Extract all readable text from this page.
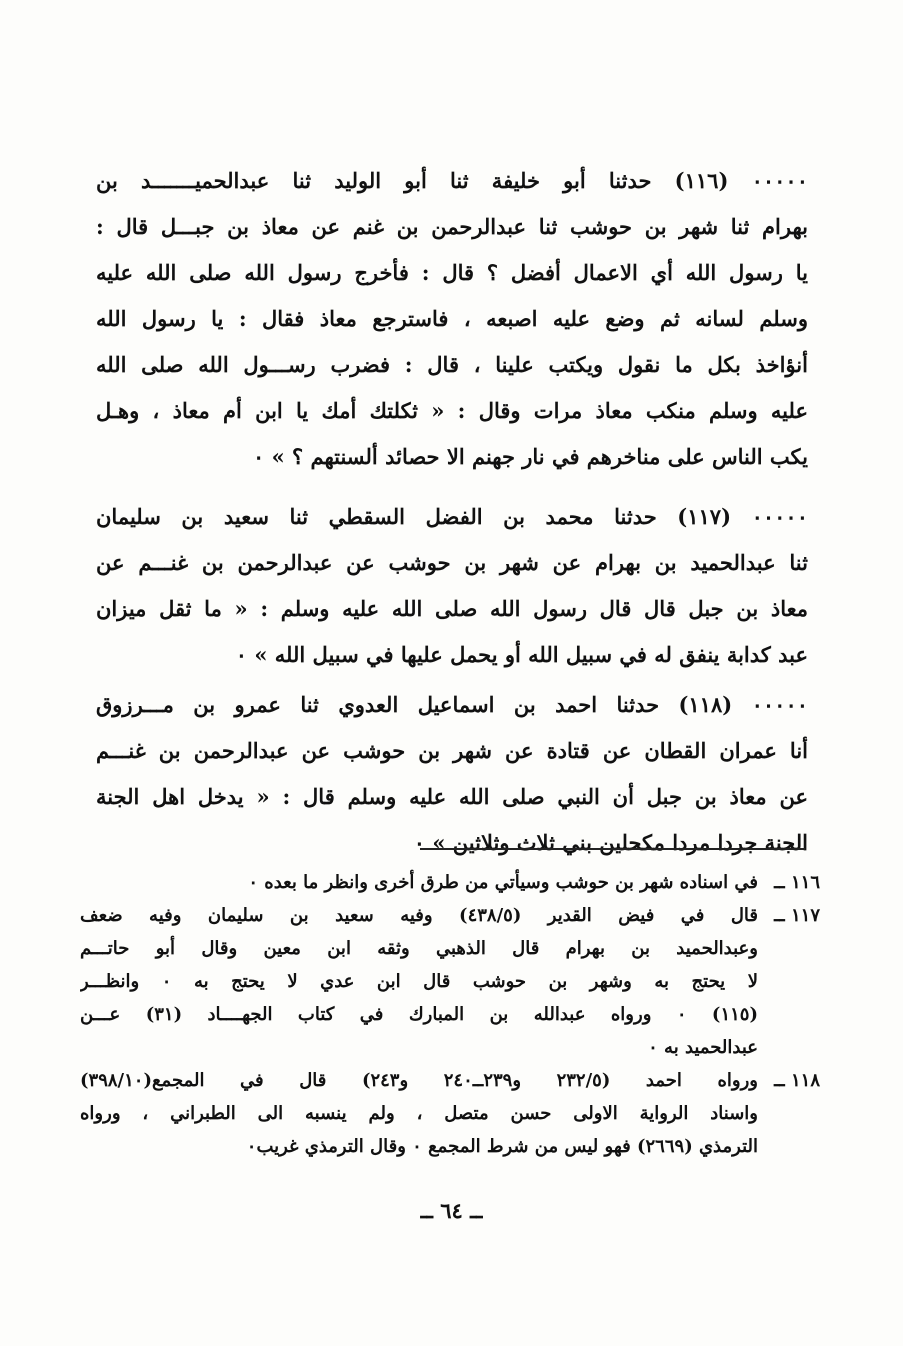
٠٠٠٠٠ (١١٦) حدثنا أبو خليفة ثنا أبو الوليد ثنا عبدالحميـــــــد بن
بهرام ثنا شهر بن حوشب ثنا عبدالرحمن بن غنم عن معاذ بن جبـــل قال :
يا رسول الله أي الاعمال أفضل ؟ قال : فأخرج رسول الله صلى الله عليه
وسلم لسانه ثم وضع عليه اصبعه ، فاسترجع معاذ فقال : يا رسول الله
أنؤاخذ بكل ما نقول ويكتب علينا ، قال : فضرب رســـول الله صلى الله
عليه وسلم منكب معاذ مرات وقال : « ثكلتك أمك يا ابن أم معاذ ، وهـل
يكب الناس على مناخرهم في نار جهنم الا حصائد ألسنتهم ؟ » ٠
٠٠٠٠٠ (١١٧) حدثنا محمد بن الفضل السقطي ثنا سعيد بن سليمان
ثنا عبدالحميد بن بهرام عن شهر بن حوشب عن عبدالرحمن بن غنـــم عن
معاذ بن جبل قال قال رسول الله صلى الله عليه وسلم : « ما ثقل ميزان
عبد كدابة ينفق له في سبيل الله أو يحمل عليها في سبيل الله » ٠
٠٠٠٠٠ (١١٨) حدثنا احمد بن اسماعيل العدوي ثنا عمرو بن مـــرزوق
أنا عمران القطان عن قتادة عن شهر بن حوشب عن عبدالرحمن بن غنـــم
عن معاذ بن جبل أن النبي صلى الله عليه وسلم قال : « يدخل اهل الجنة
الجنة جردا مردا مكحلين بني ثلاث وثلاثين » ٠
١١٦ ــ
في اسناده شهر بن حوشب وسيأتي من طرق أخرى وانظر ما بعده ٠
١١٧ ــ
قال في فيض القدير (٤٣٨/٥) وفيه سعيد بن سليمان وفيه ضعف
وعبدالحميد بن بهرام قال الذهبي وثقه ابن معين وقال أبو حاتـــم
لا يحتج به وشهر بن حوشب قال ابن عدي لا يحتج به ٠ وانظـــر
(١١٥) ٠ ورواه عبدالله بن المبارك في كتاب الجهــــاد (٣١) عـــن
عبدالحميد به ٠
١١٨ ــ
ورواه احمد (٢٣٢/٥ و٢٣٩ــ٢٤٠ و٢٤٣) قال في المجمع(٣٩٨/١٠)
واسناد الرواية الاولى حسن متصل ، ولم ينسبه الى الطبراني ، ورواه
الترمذي (٢٦٦٩) فهو ليس من شرط المجمع ٠ وقال الترمذي غريب٠
ــ ٦٤ ــ
